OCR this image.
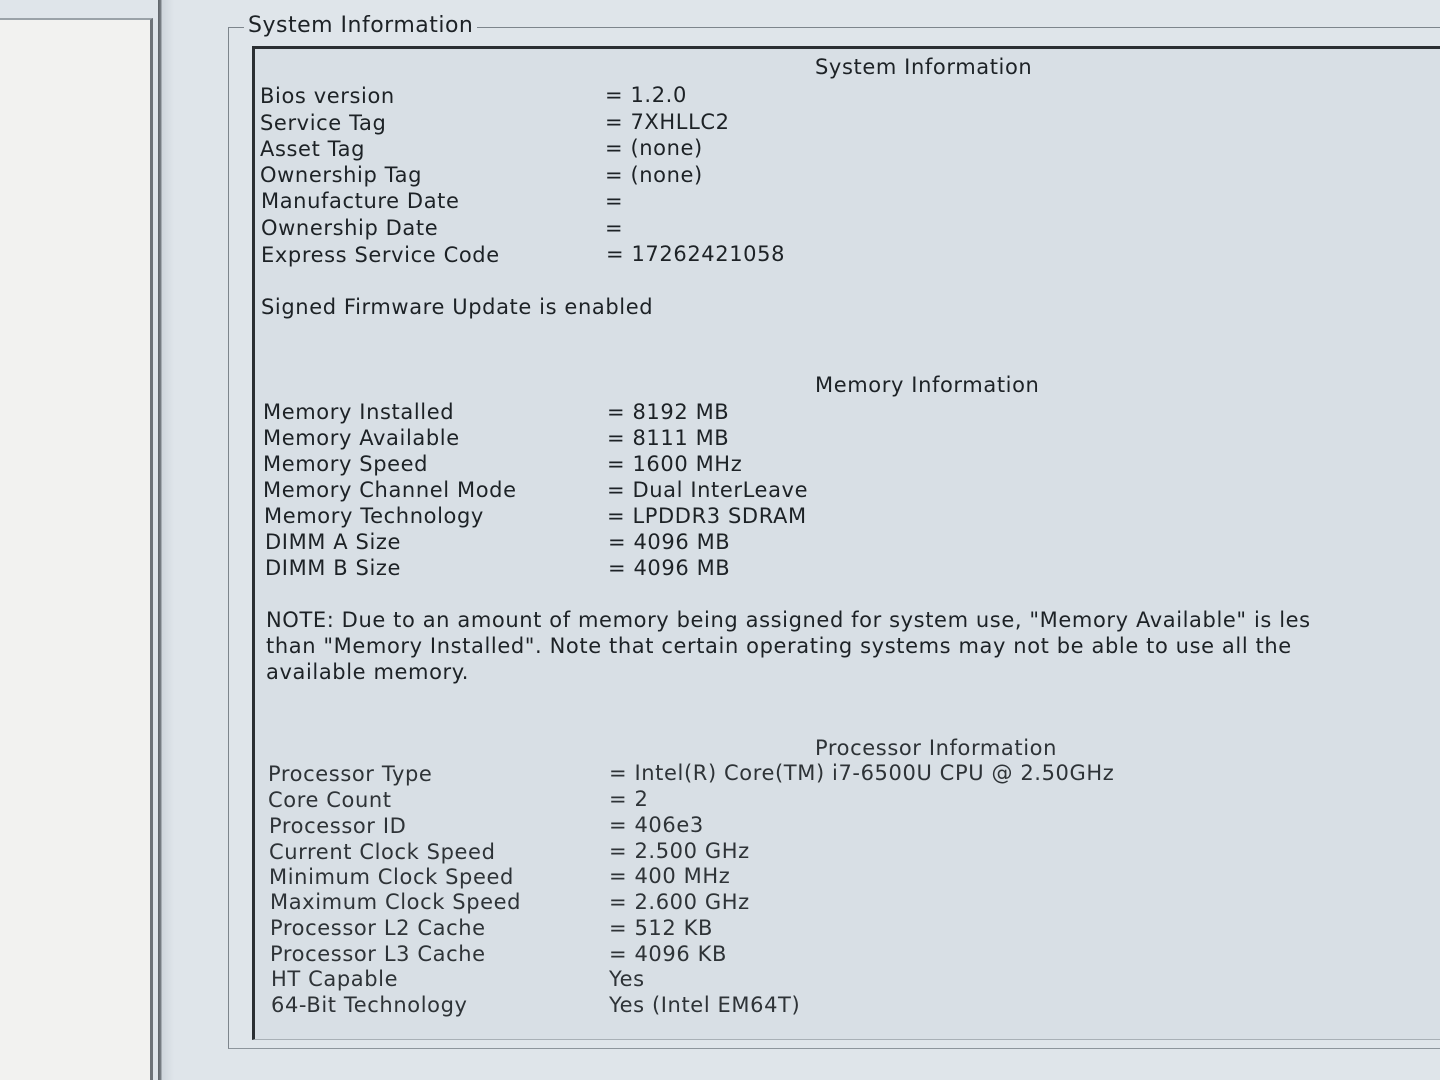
System Information
System Information
Bios version	= 1.2.0
Service Tag	= 7XHLLC2
Asset Tag	= (none)
Ownership Tag	= (none)
Manufacture Date	=
Ownership Date	=
Express Service Code	= 17262421058
Signed Firmware Update is enabled
Memory Information
Memory Installed	= 8192 MB
Memory Available	= 8111 MB
Memory Speed	= 1600 MHz
Memory Channel Mode	= Dual InterLeave
Memory Technology	= LPDDR3 SDRAM
DIMM A Size	= 4096 MB
DIMM B Size	= 4096 MB
NOTE: Due to an amount of memory being assigned for system use, "Memory Available" is les
than "Memory Installed". Note that certain operating systems may not be able to use all the
available memory.
Processor Information
Processor Type	= Intel(R) Core(TM) i7-6500U CPU @ 2.50GHz
Core Count	= 2
Processor ID	= 406e3
Current Clock Speed	= 2.500 GHz
Minimum Clock Speed	= 400 MHz
Maximum Clock Speed	= 2.600 GHz
Processor L2 Cache	= 512 KB
Processor L3 Cache	= 4096 KB
HT Capable	Yes
64-Bit Technology	Yes (Intel EM64T)
